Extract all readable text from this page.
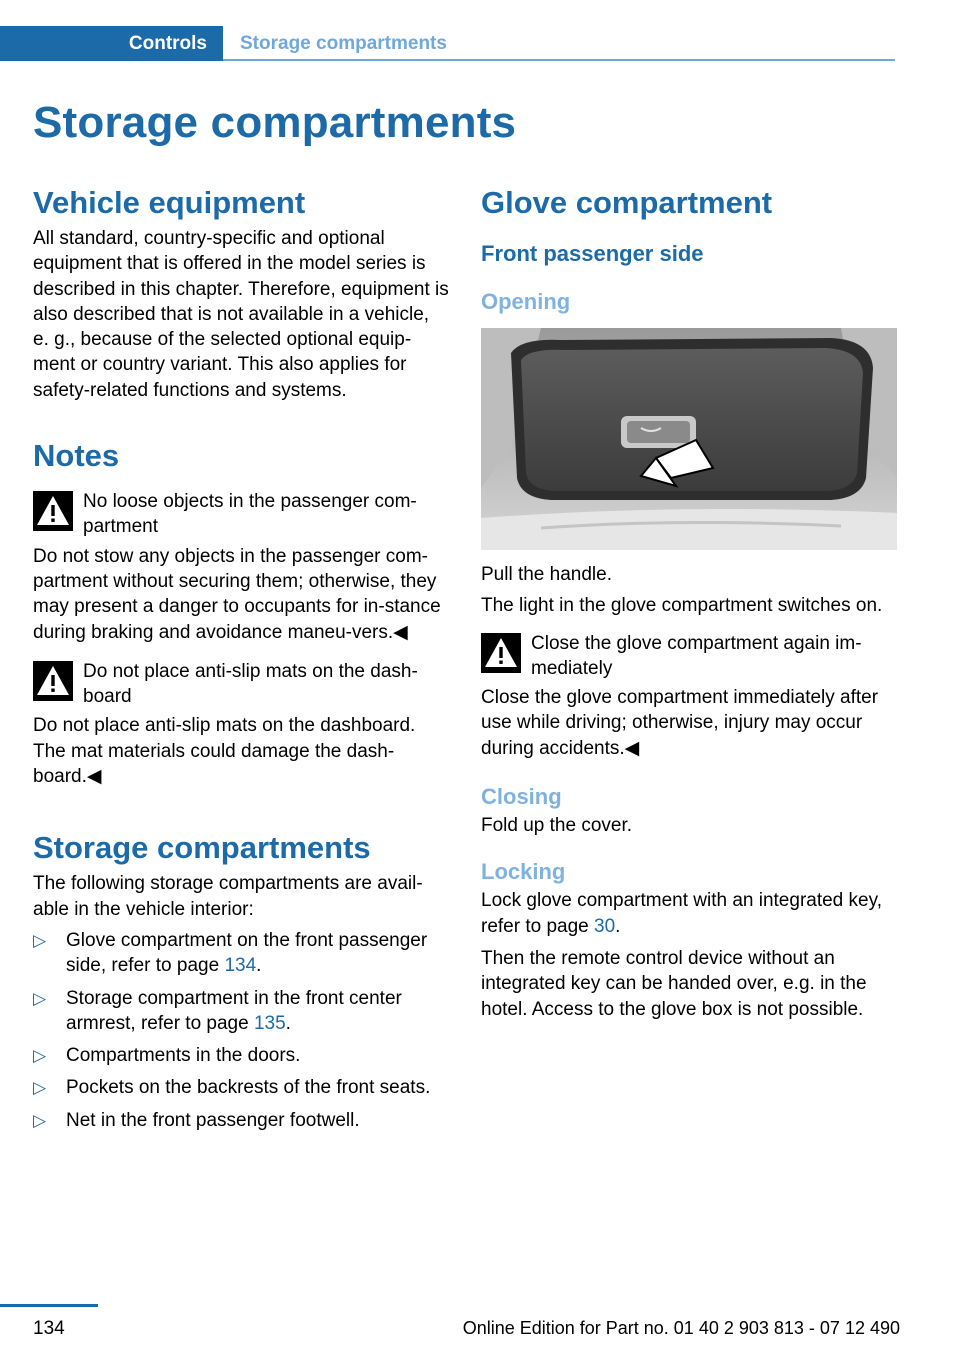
Controls	Storage compartments
Storage compartments
Vehicle equipment

All standard, country-specific and optional equipment that is offered in the model series is described in this chapter. Therefore, equipment is also described that is not available in a vehicle, e. g., because of the selected optional equip-ment or country variant. This also applies for safety-related functions and systems.

Notes
No loose objects in the passenger com-partment

Do not stow any objects in the passenger com-partment without securing them; otherwise, they may present a danger to occupants for in-stance during braking and avoidance maneu-vers.◀

Do not place anti-slip mats on the dash-board

Do not place anti-slip mats on the dashboard. The mat materials could damage the dash-board.◀

Storage compartments

The following storage compartments are avail-able in the vehicle interior:

▷ Glove compartment on the front passenger side, refer to page 134.
▷ Storage compartment in the front center armrest, refer to page 135.
▷ Compartments in the doors.
▷ Pockets on the backrests of the front seats.
▷ Net in the front passenger footwell.
Glove compartment
Front passenger side
Opening

Pull the handle.

The light in the glove compartment switches on.

Close the glove compartment again im-mediately

Close the glove compartment immediately after use while driving; otherwise, injury may occur during accidents.◀

Closing

Fold up the cover.

Locking

Lock glove compartment with an integrated key, refer to page 30.

Then the remote control device without an integrated key can be handed over, e.g. in the hotel. Access to the glove box is not possible.

134	Online Edition for Part no. 01 40 2 903 813 - 07 12 490
